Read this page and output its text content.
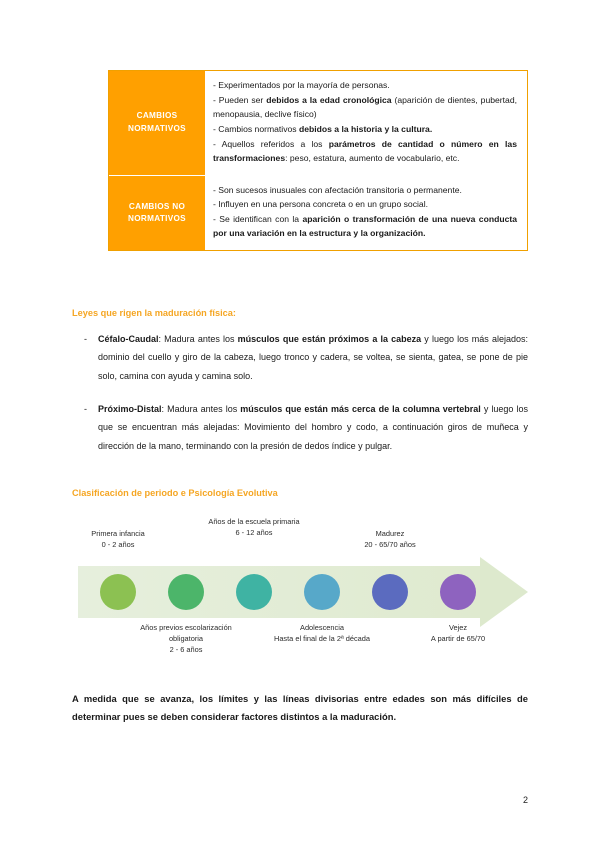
CAMBIOS NORMATIVOS

- Experimentados por la mayoría de personas.

- Pueden ser debidos a la edad cronológica (aparición de dientes, pubertad, menopausia, declive físico)

- Cambios normativos debidos a la historia y la cultura.

- Aquellos referidos a los parámetros de cantidad o número en las transformaciones: peso, estatura, aumento de vocabulario, etc.

CAMBIOS NO NORMATIVOS

- Son sucesos inusuales con afectación transitoria o permanente.

- Influyen en una persona concreta o en un grupo social.

- Se identifican con la aparición o transformación de una nueva conducta por una variación en la estructura y la organización.

Leyes que rigen la maduración física:
-	Céfalo-Caudal: Madura antes los músculos que están próximos a la cabeza y luego los más alejados: dominio del cuello y giro de la cabeza, luego tronco y cadera, se voltea, se sienta, gatea, se pone de pie solo, camina con ayuda y camina solo.
-	Próximo-Distal: Madura antes los músculos que están más cerca de la columna vertebral y luego los que se encuentran más alejadas: Movimiento del hombro y codo, a continuación giros de muñeca y dirección de la mano, terminando con la presión de dedos índice y pulgar.
Clasificación de periodo e Psicología Evolutiva
Primera infancia
0 - 2 años
Años de la escuela primaria
6 - 12 años	Madurez
20 - 65/70 años
Años previos escolarización obligatoria
2 - 6 años
Adolescencia
Hasta el final de la 2ª década
Vejez
A partir de 65/70
A medida que se avanza, los límites y las líneas divisorias entre edades son más difíciles de determinar pues se deben considerar factores distintos a la maduración.
2
